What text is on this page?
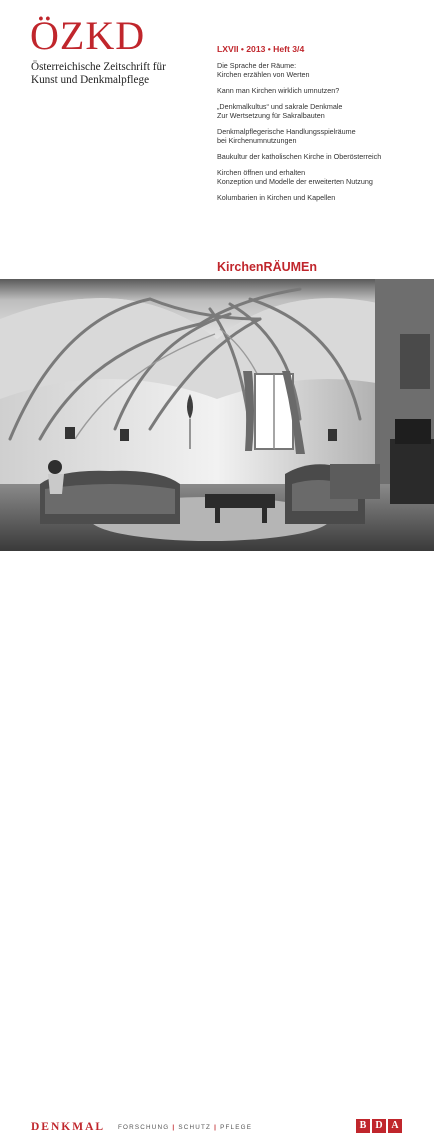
ÖZKD
Österreichische Zeitschrift für
Kunst und Denkmalpflege
LXVII • 2013 • Heft 3/4
Die Sprache der Räume:
Kirchen erzählen von Werten
Kann man Kirchen wirklich umnutzen?
„Denkmalkultus“ und sakrale Denkmale
Zur Wertsetzung für Sakralbauten
Denkmalpflegerische Handlungsspielräume
bei Kirchenumnutzungen
Baukultur der katholischen Kirche in Oberösterreich
Kirchen öffnen und erhalten
Konzeption und Modelle der erweiterten Nutzung
Kolumbarien in Kirchen und Kapellen
KirchenRÄUMEn
DENKMAL FORSCHUNG | SCHUTZ | PFLEGE	B D A
